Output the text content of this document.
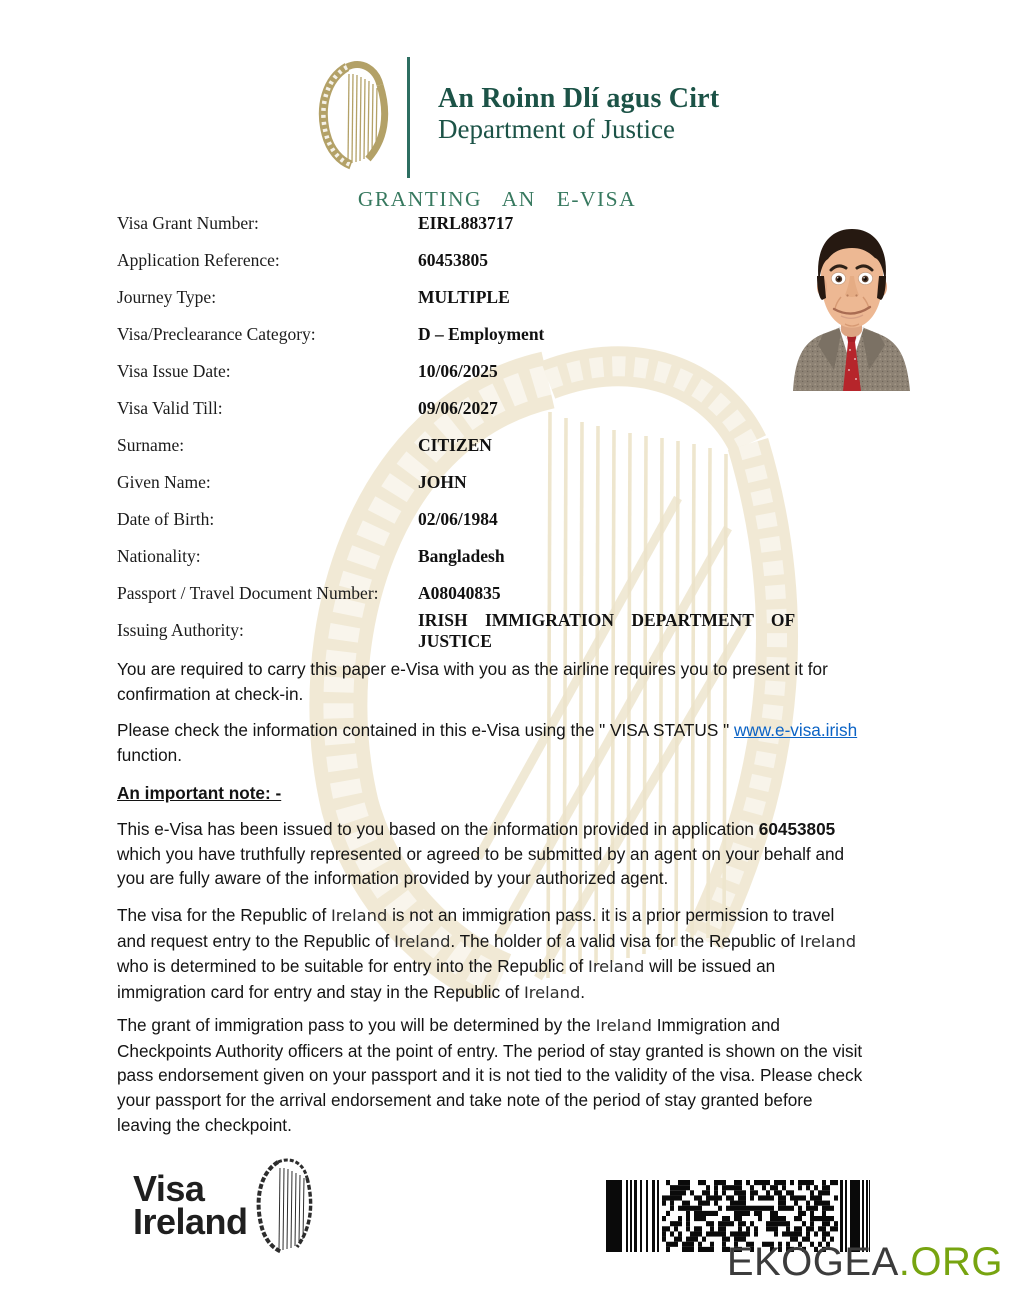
An Roinn Dlí agus Cirt
Department of Justice
GRANTING AN E-VISA
Visa Grant Number:	EIRL883717
Application Reference:	60453805
Journey Type:	MULTIPLE
Visa/Preclearance Category:	D – Employment
Visa Issue Date:	10/06/2025
Visa Valid Till:	09/06/2027
Surname:	CITIZEN
Given Name:	JOHN
Date of Birth:	02/06/1984
Nationality:	Bangladesh
Passport / Travel Document Number:	A08040835
Issuing Authority:
IRISH IMMIGRATION DEPARTMENT OF JUSTICE
You are required to carry this paper e-Visa with you as the airline requires you to present it for confirmation at check-in.
Please check the information contained in this e-Visa using the " VISA STATUS " www.e-visa.irish function.
An important note: -
This e-Visa has been issued to you based on the information provided in application 60453805 which you have truthfully represented or agreed to be submitted by an agent on your behalf and you are fully aware of the information provided by your authorized agent.
The visa for the Republic of Ireland is not an immigration pass. it is a prior permission to travel and request entry to the Republic of Ireland. The holder of a valid visa for the Republic of Ireland who is determined to be suitable for entry into the Republic of Ireland will be issued an immigration card for entry and stay in the Republic of Ireland.
The grant of immigration pass to you will be determined by the Ireland Immigration and Checkpoints Authority officers at the point of entry. The period of stay granted is shown on the visit pass endorsement given on your passport and it is not tied to the validity of the visa. Please check your passport for the arrival endorsement and take note of the period of stay granted before leaving the checkpoint.
Visa
Ireland
EKOGEA.ORG
